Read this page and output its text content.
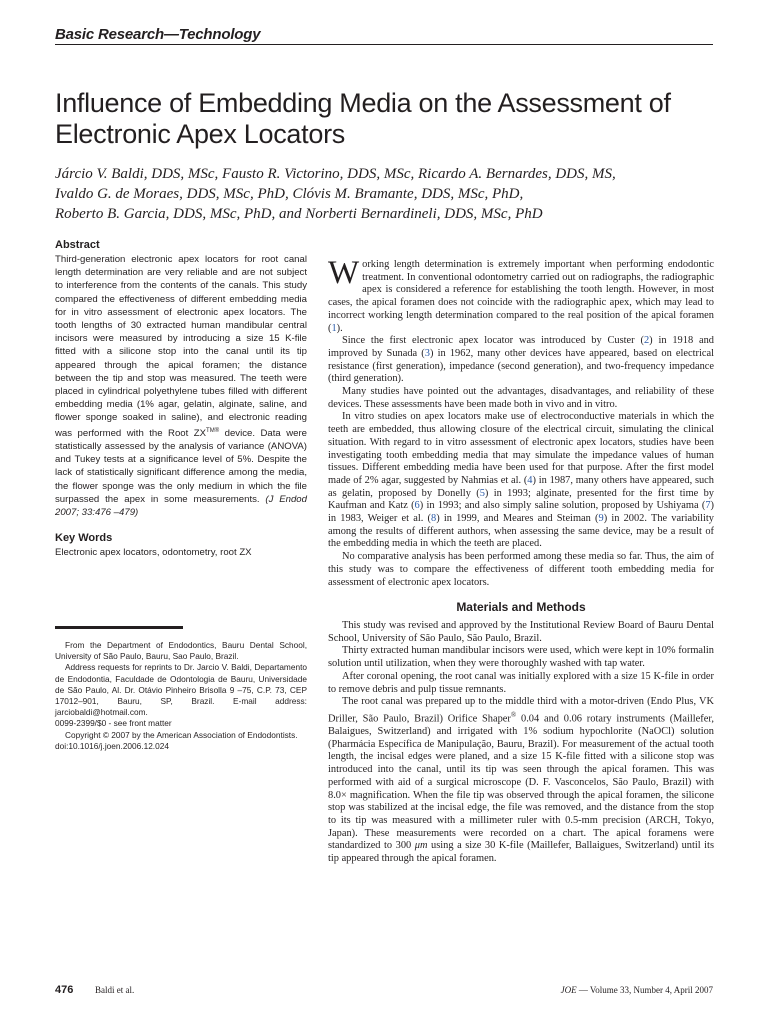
Basic Research—Technology
Influence of Embedding Media on the Assessment of Electronic Apex Locators
Járcio V. Baldi, DDS, MSc, Fausto R. Victorino, DDS, MSc, Ricardo A. Bernardes, DDS, MS,
Ivaldo G. de Moraes, DDS, MSc, PhD, Clóvis M. Bramante, DDS, MSc, PhD,
Roberto B. Garcia, DDS, MSc, PhD, and Norberti Bernardineli, DDS, MSc, PhD
Abstract

Third-generation electronic apex locators for root canal length determination are very reliable and are not subject to interference from the contents of the canals. This study compared the effectiveness of different embedding media for in vitro assessment of electronic apex locators. The tooth lengths of 30 extracted human mandibular central incisors were measured by introducing a size 15 K-file fitted with a silicone stop into the canal until its tip appeared through the apical foramen; the distance between the tip and stop was measured. The teeth were placed in cylindrical polyethylene tubes filled with different embedding media (1% agar, gelatin, alginate, saline, and flower sponge soaked in saline), and electronic reading was performed with the Root $ZX^{TM®}$ device. Data were statistically assessed by the analysis of variance (ANOVA) and Tukey tests at a significance level of 5%. Despite the lack of statistically significant difference among the media, the flower sponge was the only medium in which the file surpassed the apex in some measurements. (J Endod 2007; 33:476 –479)

Key Words

Electronic apex locators, odontometry, root ZX

From the Department of Endodontics, Bauru Dental School, University of São Paulo, Bauru, Sao Paulo, Brazil.

Address requests for reprints to Dr. Jarcio V. Baldi, Departamento de Endodontia, Faculdade de Odontologia de Bauru, Universidade de São Paulo, Al. Dr. Otávio Pinheiro Brisolla 9 –75, C.P. 73, CEP 17012–901, Bauru, SP, Brazil. E-mail address: jarciobaldi@hotmail.com.

0099-2399/$0 - see front matter

Copyright © 2007 by the American Association of Endodontists.

doi:10.1016/j.joen.2006.12.024

Working length determination is extremely important when performing endodontic treatment. In conventional odontometry carried out on radiographs, the radiographic apex is considered a reference for establishing the tooth length. However, in most cases, the apical foramen does not coincide with the radiographic apex, which may lead to incorrect working length determination compared to the real position of the apical foramen (1).

Since the first electronic apex locator was introduced by Custer (2) in 1918 and improved by Sunada (3) in 1962, many other devices have appeared, based on electrical resistance (first generation), impedance (second generation), and two-frequency impedance (third generation).

Many studies have pointed out the advantages, disadvantages, and reliability of these devices. These assessments have been made both in vivo and in vitro.

In vitro studies on apex locators make use of electroconductive materials in which the teeth are embedded, thus allowing closure of the electrical circuit, simulating the clinical situation. With regard to in vitro assessment of electronic apex locators, studies have been investigating tooth embedding media that may simulate the impedance values of human tissues. Different embedding media have been used for that purpose. After the first model made of 2% agar, suggested by Nahmias et al. (4) in 1987, many others have appeared, such as gelatin, proposed by Donelly (5) in 1993; alginate, presented for the first time by Kaufman and Katz (6) in 1993; and also simply saline solution, proposed by Ushiyama (7) in 1983, Weiger et al. (8) in 1999, and Meares and Steiman (9) in 2002. The variability among the results of different authors, when assessing the same device, may be a result of the embedding media in which the teeth are placed.

No comparative analysis has been performed among these media so far. Thus, the aim of this study was to compare the effectiveness of different tooth embedding media for assessment of electronic apex locators.

Materials and Methods

This study was revised and approved by the Institutional Review Board of Bauru Dental School, University of São Paulo, São Paulo, Brazil.

Thirty extracted human mandibular incisors were used, which were kept in 10% formalin solution until utilization, when they were thoroughly washed with tap water.

After coronal opening, the root canal was initially explored with a size 15 K-file in order to remove debris and pulp tissue remnants.

The root canal was prepared up to the middle third with a motor-driven (Endo Plus, VK Driller, São Paulo, Brazil) Orifice Shaper® 0.04 and 0.06 rotary instruments (Maillefer, Balaigues, Switzerland) and irrigated with 1% sodium hypochlorite (NaOCl) solution (Pharmácia Específica de Manipulação, Bauru, Brazil). For measurement of the actual tooth length, the incisal edges were planed, and a size 15 K-file fitted with a silicone stop was introduced into the canal, until its tip was seen through the apical foramen. This was performed with aid of a surgical microscope (D. F. Vasconcelos, São Paulo, Brazil) with 8.0× magnification. When the file tip was observed through the apical foramen, the silicone stop was stabilized at the incisal edge, the file was removed, and the distance from the stop to its tip was measured with a millimeter ruler with 0.5-mm precision (ARCH, Tokyo, Japan). These measurements were recorded on a chart. The apical foramens were standardized to 300 μm using a size 30 K-file (Maillefer, Ballaigues, Switzerland) until its tip appeared through the apical foramen.

476 Baldi et al.	JOE — Volume 33, Number 4, April 2007
